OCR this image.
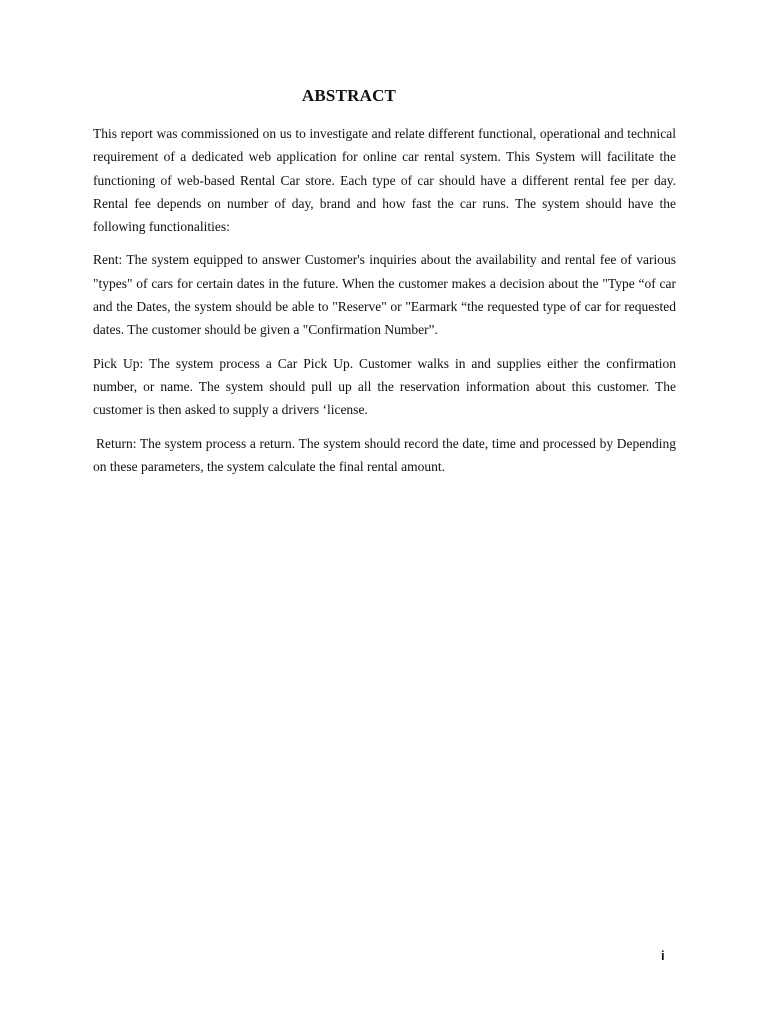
ABSTRACT

This report was commissioned on us to investigate and relate different functional, operational and technical requirement of a dedicated web application for online car rental system. This System will facilitate the functioning of web-based Rental Car store. Each type of car should have a different rental fee per day. Rental fee depends on number of day, brand and how fast the car runs. The system should have the following functionalities:

Rent: The system equipped to answer Customer's inquiries about the availability and rental fee of various "types" of cars for certain dates in the future. When the customer makes a decision about the "Type “of car and the Dates, the system should be able to "Reserve" or "Earmark “the requested type of car for requested dates. The customer should be given a "Confirmation Number”.

Pick Up: The system process a Car Pick Up. Customer walks in and supplies either the confirmation number, or name. The system should pull up all the reservation information about this customer. The customer is then asked to supply a drivers ‘license.

Return: The system process a return. The system should record the date, time and processed by Depending on these parameters, the system calculate the final rental amount.

i
